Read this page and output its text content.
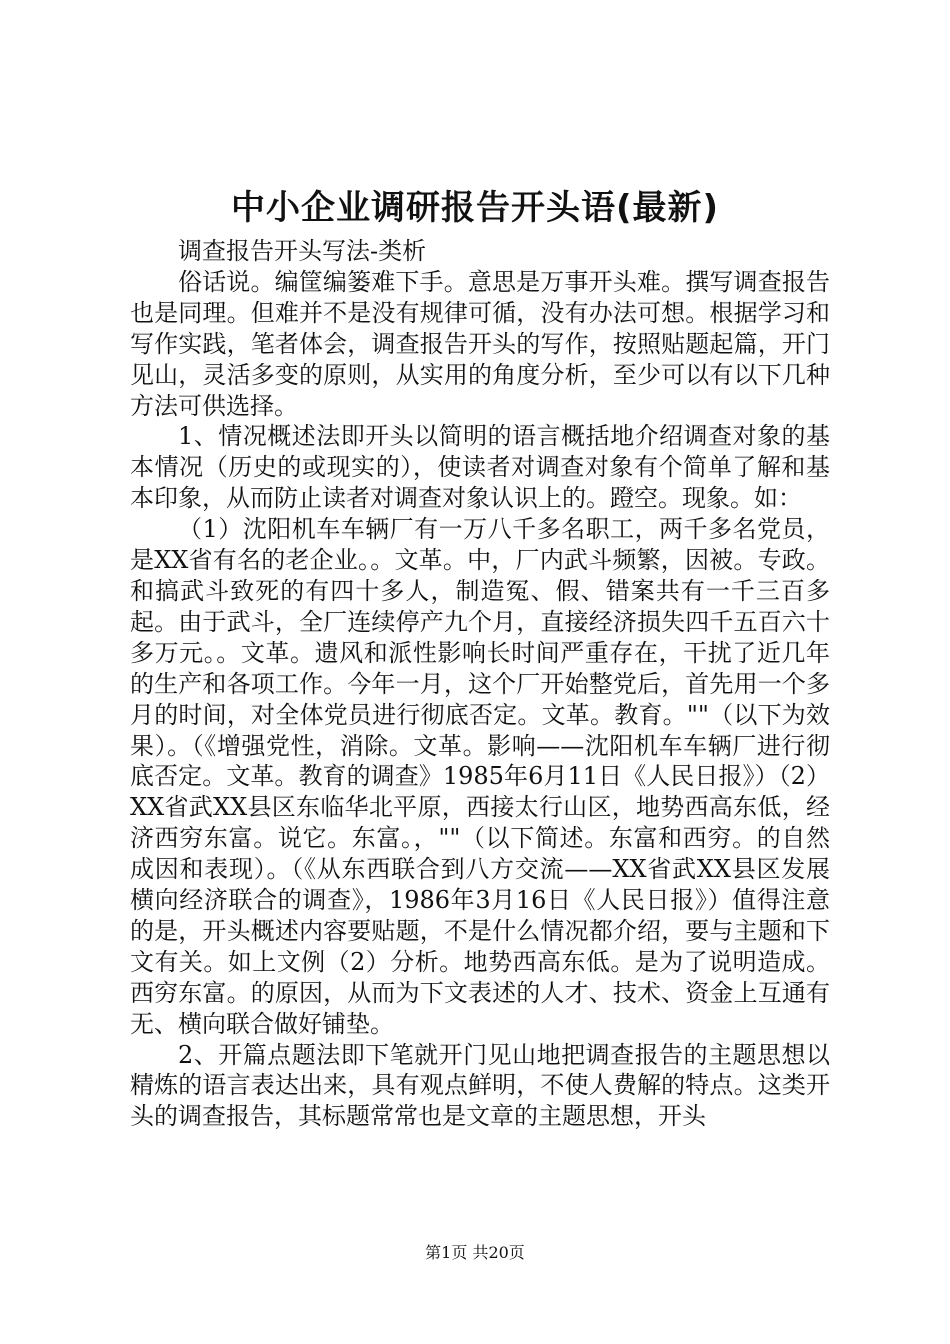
中小企业调研报告开头语(最新)

调查报告开头写法-类析

俗话说。编筐编篓难下手。意思是万事开头难。撰写调查报告也是同理。但难并不是没有规律可循，没有办法可想。根据学习和写作实践，笔者体会，调查报告开头的写作，按照贴题起篇，开门见山，灵活多变的原则，从实用的角度分析，至少可以有以下几种方法可供选择。

1、情况概述法即开头以简明的语言概括地介绍调查对象的基本情况（历史的或现实的），使读者对调查对象有个简单了解和基本印象，从而防止读者对调查对象认识上的。蹬空。现象。如：

（1）沈阳机车车辆厂有一万八千多名职工，两千多名党员，是XX省有名的老企业。。文革。中，厂内武斗频繁，因被。专政。和搞武斗致死的有四十多人，制造冤、假、错案共有一千三百多起。由于武斗，全厂连续停产九个月，直接经济损失四千五百六十多万元。。文革。遗风和派性影响长时间严重存在，干扰了近几年的生产和各项工作。今年一月，这个厂开始整党后，首先用一个多月的时间，对全体党员进行彻底否定。文革。教育。""（以下为效果）。（《增强党性，消除。文革。影响——沈阳机车车辆厂进行彻底否定。文革。教育的调查》1985年6月11日《人民日报》）（2）XX省武XX县区东临华北平原，西接太行山区，地势西高东低，经济西穷东富。说它。东富。，""（以下简述。东富和西穷。的自然成因和表现）。（《从东西联合到八方交流——XX省武XX县区发展横向经济联合的调查》，1986年3月16日《人民日报》）值得注意的是，开头概述内容要贴题，不是什么情况都介绍，要与主题和下文有关。如上文例（2）分析。地势西高东低。是为了说明造成。西穷东富。的原因，从而为下文表述的人才、技术、资金上互通有无、横向联合做好铺垫。

2、开篇点题法即下笔就开门见山地把调查报告的主题思想以精炼的语言表达出来，具有观点鲜明，不使人费解的特点。这类开头的调查报告，其标题常常也是文章的主题思想，开头

第1页 共20页
